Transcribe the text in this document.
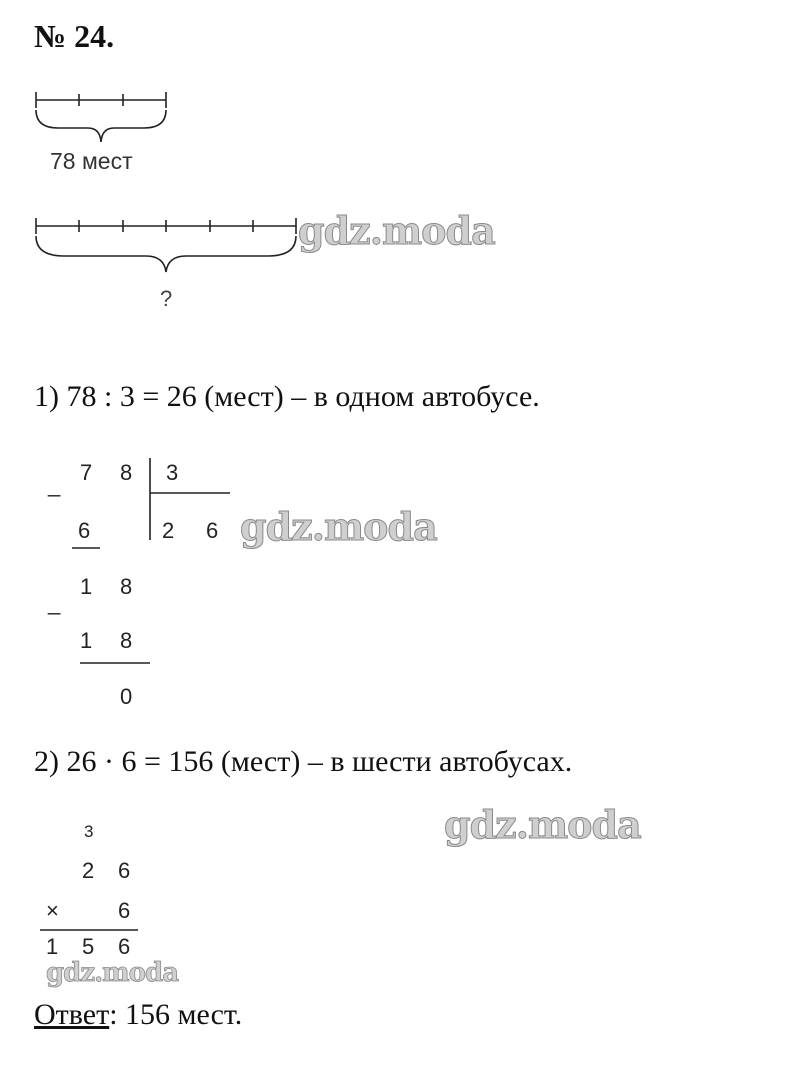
№ 24.
78 мест
?
gdz.moda
1) 78 : 3 = 26 (мест) – в одном автобусе.
_ 7 8 3
2 6
6
_
1 8
1 8
0
gdz.moda
2) 26 · 6 = 156 (мест) – в шести автобусах.
gdz.moda
3
2 6
×	6
1 5 6
gdz.moda
Ответ: 156 мест.
